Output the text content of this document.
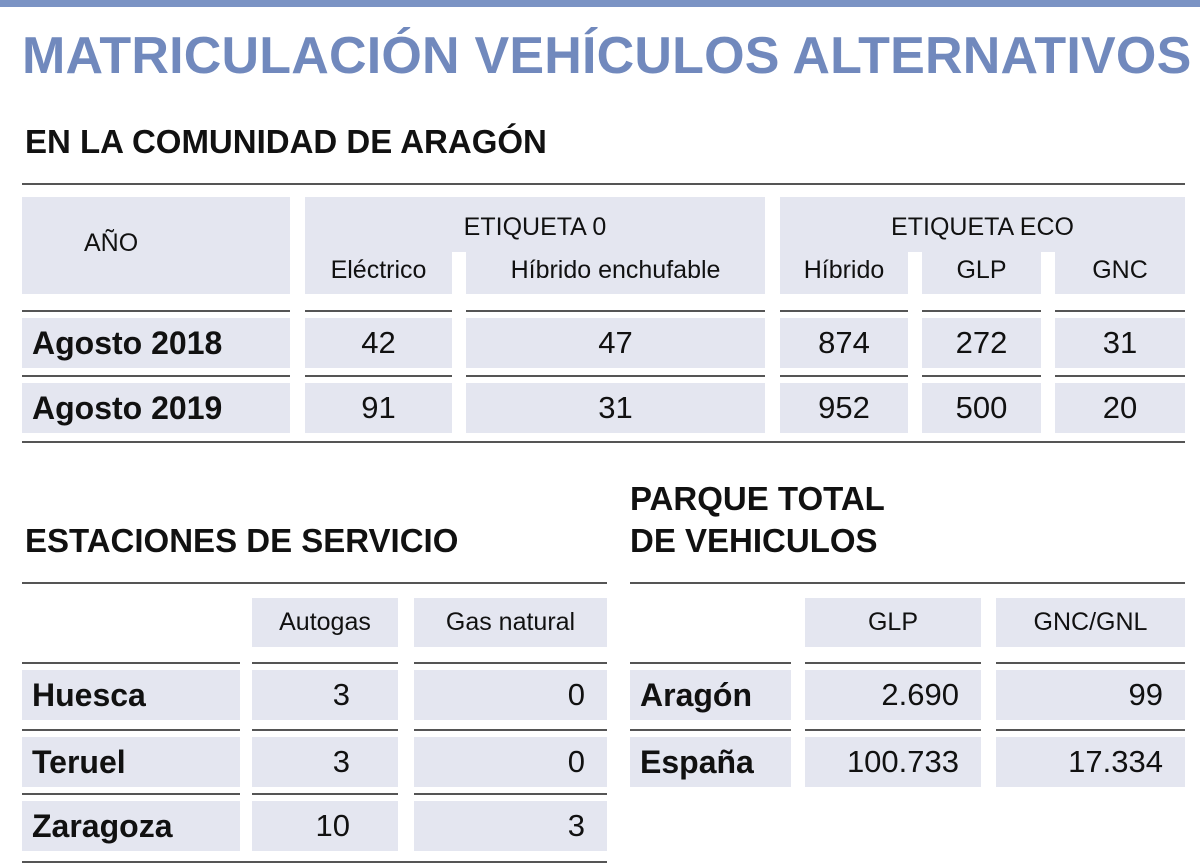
MATRICULACIÓN VEHÍCULOS ALTERNATIVOS
EN LA COMUNIDAD DE ARAGÓN
AÑO
ETIQUETA 0
Eléctrico	Híbrido enchufable
ETIQUETA ECO
Híbrido	GLP	GNC
Agosto 2018	42	47	874	272	31
Agosto 2019	91	31	952	500	20
ESTACIONES DE SERVICIO
Autogas	Gas natural
PARQUE TOTAL
DE VEHICULOS
GLP	GNC/GNL
Huesca	3	0
Teruel	3	0
Zaragoza	10	3
Aragón	2.690	99
España	100.733	17.334
